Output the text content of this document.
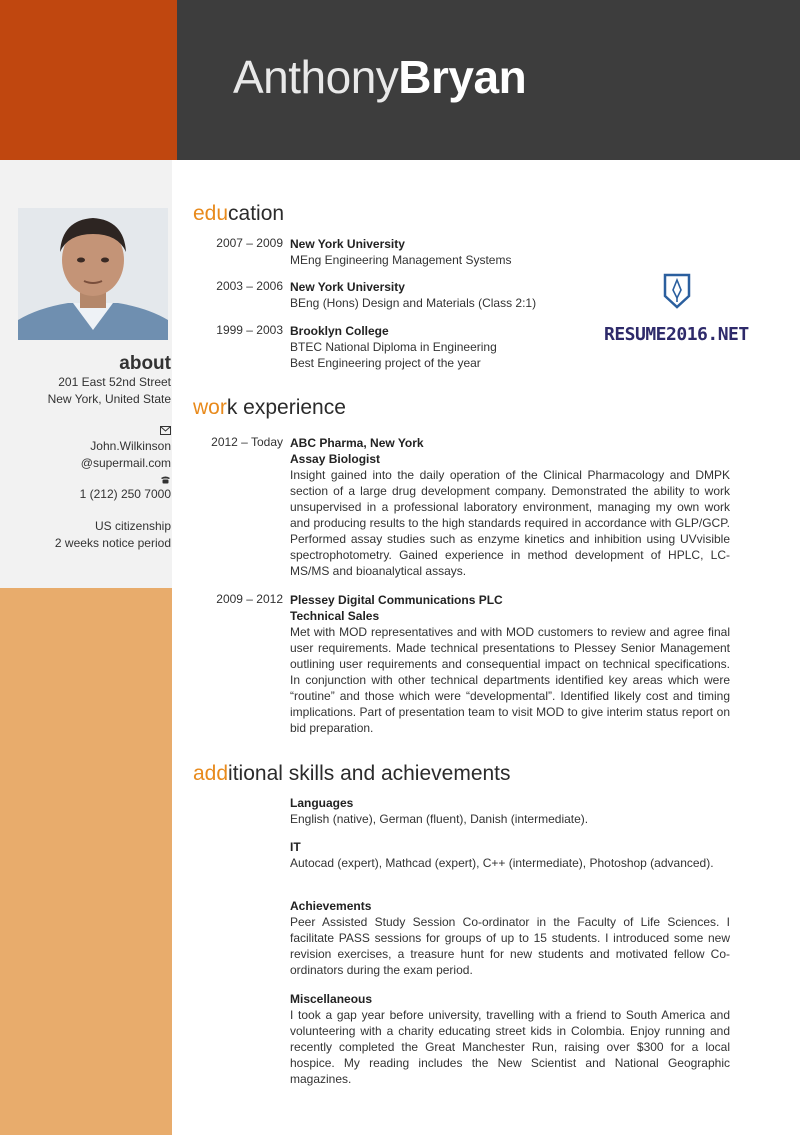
AnthonyBryan
about
201 East 52nd Street
New York, United State
John.Wilkinson
@supermail.com
1 (212) 250 7000
US citizenship
2 weeks notice period
RESUME2016.NET
education
2007 – 2009 New York University
MEng Engineering Management Systems
2003 – 2006 New York University
BEng (Hons) Design and Materials (Class 2:1)
1999 – 2003 Brooklyn College
BTEC National Diploma in Engineering
Best Engineering project of the year
work experience
2012 – Today ABC Pharma, New York
Assay Biologist
Insight gained into the daily operation of the Clinical Pharmacology and DMPK section of a large drug development company. Demonstrated the ability to work unsupervised in a professional laboratory environment, managing my own work and producing results to the high standards required in accordance with GLP/GCP. Performed assay studies such as enzyme kinetics and inhibition using UVvisible spectrophotometry. Gained experience in method development of HPLC, LC-MS/MS and bioanalytical assays.
2009 – 2012 Plessey Digital Communications PLC
Technical Sales
Met with MOD representatives and with MOD customers to review and agree final user requirements. Made technical presentations to Plessey Senior Management outlining user requirements and consequential impact on technical specifications. In conjunction with other technical departments identified key areas which were “routine” and those which were “developmental”. Identified likely cost and timing implications. Part of presentation team to visit MOD to give interim status report on bid preparation.
additional skills and achievements
Languages
English (native), German (fluent), Danish (intermediate).
IT
Autocad (expert), Mathcad (expert), C++ (intermediate), Photoshop (advanced).
Achievements
Peer Assisted Study Session Co-ordinator in the Faculty of Life Sciences. I facilitate PASS sessions for groups of up to 15 students. I introduced some new revision exercises, a treasure hunt for new students and motivated fellow Co-ordinators during the exam period.
Miscellaneous
I took a gap year before university, travelling with a friend to South America and volunteering with a charity educating street kids in Colombia. Enjoy running and recently completed the Great Manchester Run, raising over $300 for a local hospice. My reading includes the New Scientist and National Geographic magazines.
